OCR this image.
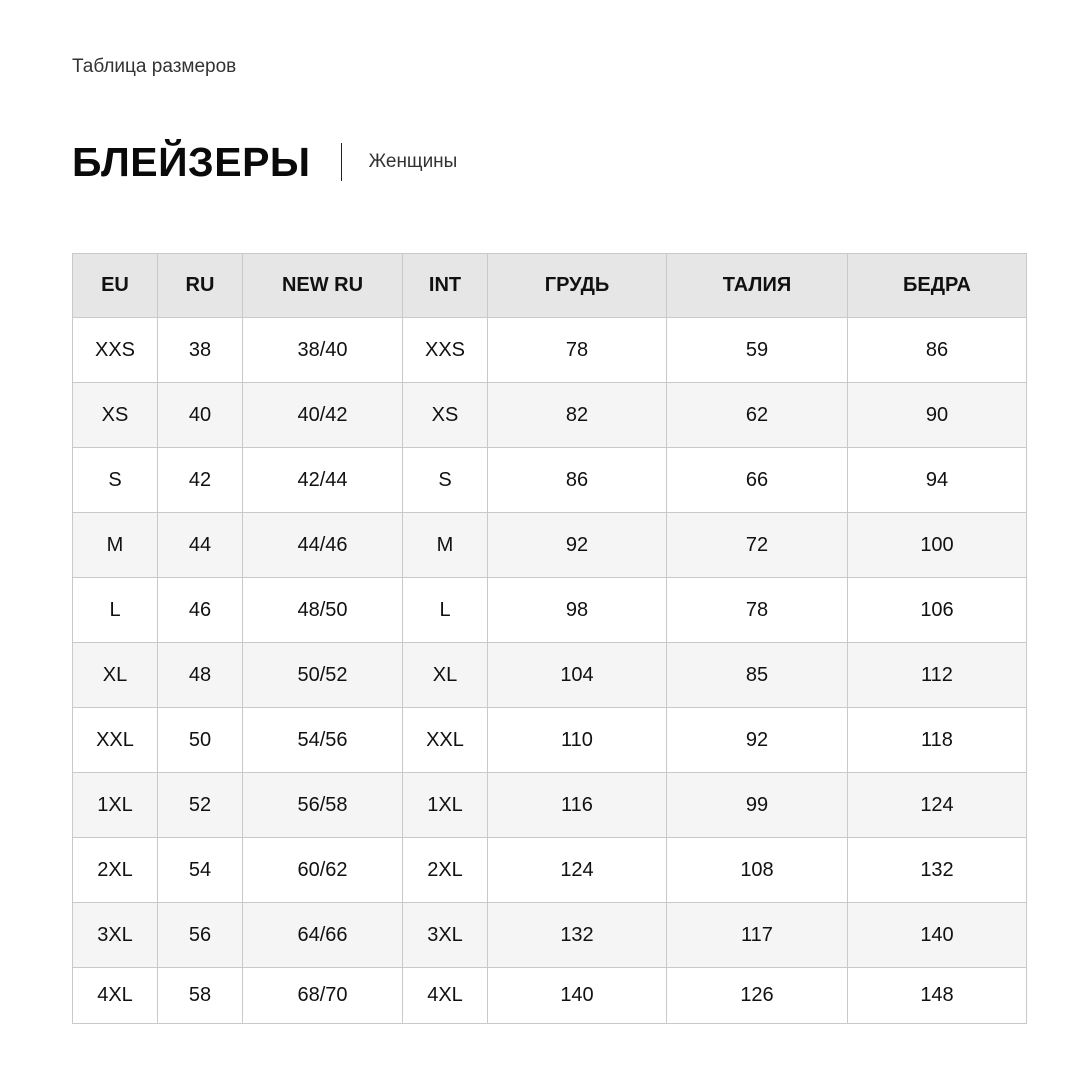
Таблица размеров
БЛЕЙЗЕРЫ	Женщины
EU	RU	NEW RU	INT	ГРУДЬ	ТАЛИЯ	БЕДРА
XXS	38	38/40	XXS	78	59	86
XS	40	40/42	XS	82	62	90
S	42	42/44	S	86	66	94
M	44	44/46	M	92	72	100
L	46	48/50	L	98	78	106
XL	48	50/52	XL	104	85	112
XXL	50	54/56	XXL	110	92	118
1XL	52	56/58	1XL	116	99	124
2XL	54	60/62	2XL	124	108	132
3XL	56	64/66	3XL	132	117	140
4XL	58	68/70	4XL	140	126	148
